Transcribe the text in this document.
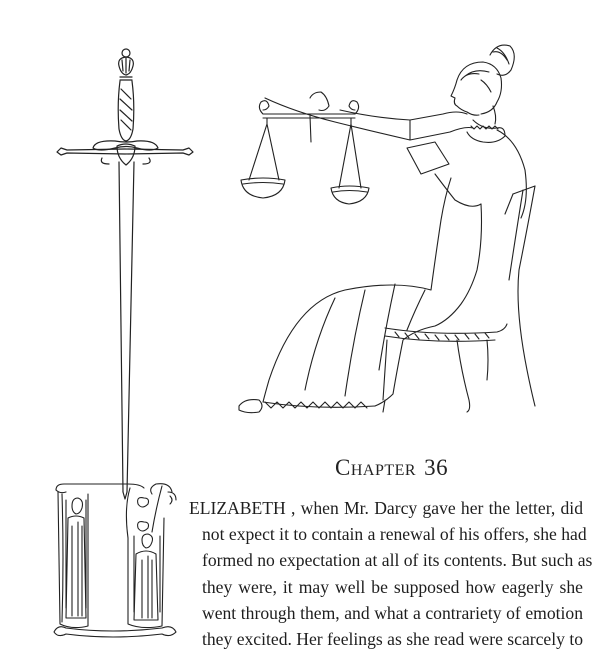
Chapter 36
ELIZABETH , when Mr. Darcy gave her the letter, did
not expect it to contain a renewal of his offers, she had
formed no expectation at all of its contents. But such as
they were, it may well be supposed how eagerly she
went through them, and what a contrariety of emotion
they excited. Her feelings as she read were scarcely to
